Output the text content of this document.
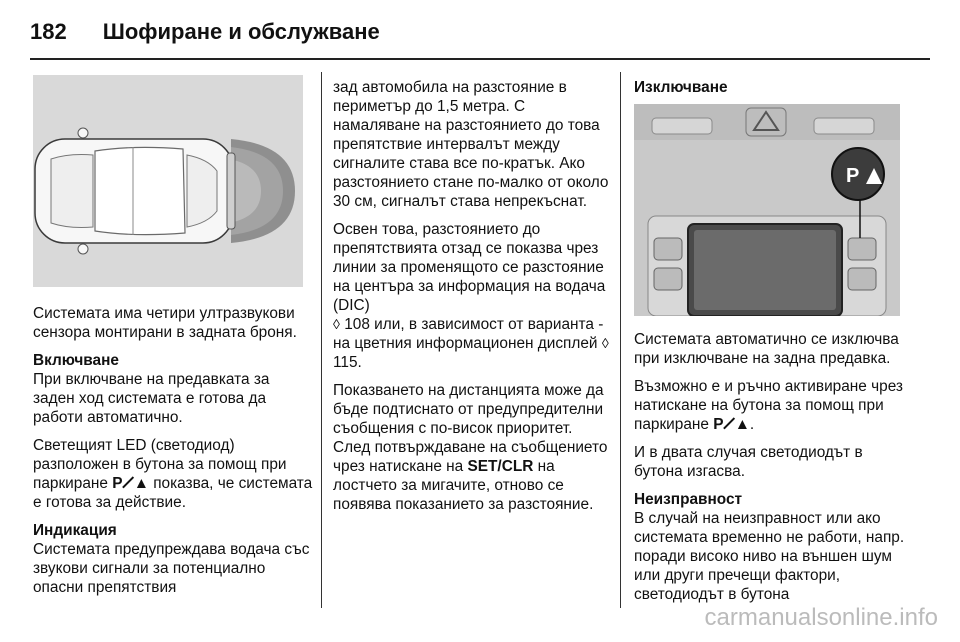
182 Шофиране и обслужване

Системата има четири ултразвукови сензора монтирани в задната броня.

Включване

При включване на предавката за заден ход системата е готова да работи автоматично.

Светещият LED (светодиод) разположен в бутона за помощ при паркиране P𝈺▲ показва, че системата е готова за действие.

Индикация

Системата предупреждава водача със звукови сигнали за потенциално опасни препятствия

зад автомобила на разстояние в периметър до 1,5 метра. С намаляване на разстоянието до това препятствие интервалът между сигналите става все по-кратък. Ако разстоянието стане по-малко от около 30 см, сигналът става непрекъснат.

Освен това, разстоянието до препятствията отзад се показва чрез линии за променящото се разстояние на центъра за информация на водача (DIC)
◊ 108 или, в зависимост от варианта - на цветния информационен дисплей ◊ 115.

Показването на дистанцията може да бъде подтиснато от предупредителни съобщения с по-висок приоритет. След потвърждаване на съобщението чрез натискане на SET/CLR на лостчето за мигачите, отново се появява показанието за разстояние.

Изключване
P

Системата автоматично се изключва при изключване на задна предавка.

Възможно е и ръчно активиране чрез натискане на бутона за помощ при паркиране P𝈺▲.

И в двата случая светодиодът в бутона изгасва.

Неизправност

В случай на неизправност или ако системата временно не работи, напр. поради високо ниво на външен шум или други пречещи фактори, светодиодът в бутона

carmanualsonline.info
